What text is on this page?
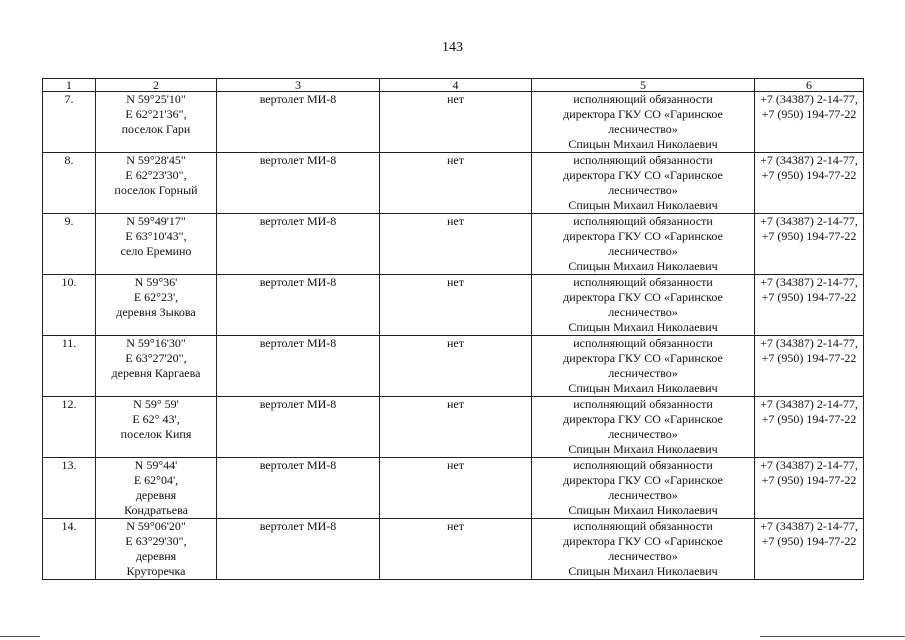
143
1	2	3	4	5	6
7.	N 59°25'10"
E 62°21'36",
поселок Гари	вертолет МИ-8	нет	исполняющий обязанности
директора ГКУ СО «Гаринское
лесничество»
Спицын Михаил Николаевич	+7 (34387) 2-14-77,
+7 (950) 194-77-22

8.	N 59°28'45"
E 62°23'30",
поселок Горный	вертолет МИ-8	нет	исполняющий обязанности
директора ГКУ СО «Гаринское
лесничество»
Спицын Михаил Николаевич	+7 (34387) 2-14-77,
+7 (950) 194-77-22

9.	N 59°49'17"
E 63°10'43",
село Еремино	вертолет МИ-8	нет	исполняющий обязанности
директора ГКУ СО «Гаринское
лесничество»
Спицын Михаил Николаевич	+7 (34387) 2-14-77,
+7 (950) 194-77-22

10.	N 59°36'
E 62°23',
деревня Зыкова	вертолет МИ-8	нет	исполняющий обязанности
директора ГКУ СО «Гаринское
лесничество»
Спицын Михаил Николаевич	+7 (34387) 2-14-77,
+7 (950) 194-77-22

11.	N 59°16'30"
E 63°27'20",
деревня Каргаева	вертолет МИ-8	нет	исполняющий обязанности
директора ГКУ СО «Гаринское
лесничество»
Спицын Михаил Николаевич	+7 (34387) 2-14-77,
+7 (950) 194-77-22

12.	N 59° 59'
E 62° 43',
поселок Кипя	вертолет МИ-8	нет	исполняющий обязанности
директора ГКУ СО «Гаринское
лесничество»
Спицын Михаил Николаевич	+7 (34387) 2-14-77,
+7 (950) 194-77-22

13.	N 59°44'
E 62°04',
деревня
Кондратьева	вертолет МИ-8	нет	исполняющий обязанности
директора ГКУ СО «Гаринское
лесничество»
Спицын Михаил Николаевич	+7 (34387) 2-14-77,
+7 (950) 194-77-22

14.	N 59°06'20"
E 63°29'30",
деревня
Круторечка	вертолет МИ-8	нет	исполняющий обязанности
директора ГКУ СО «Гаринское
лесничество»
Спицын Михаил Николаевич	+7 (34387) 2-14-77,
+7 (950) 194-77-22
